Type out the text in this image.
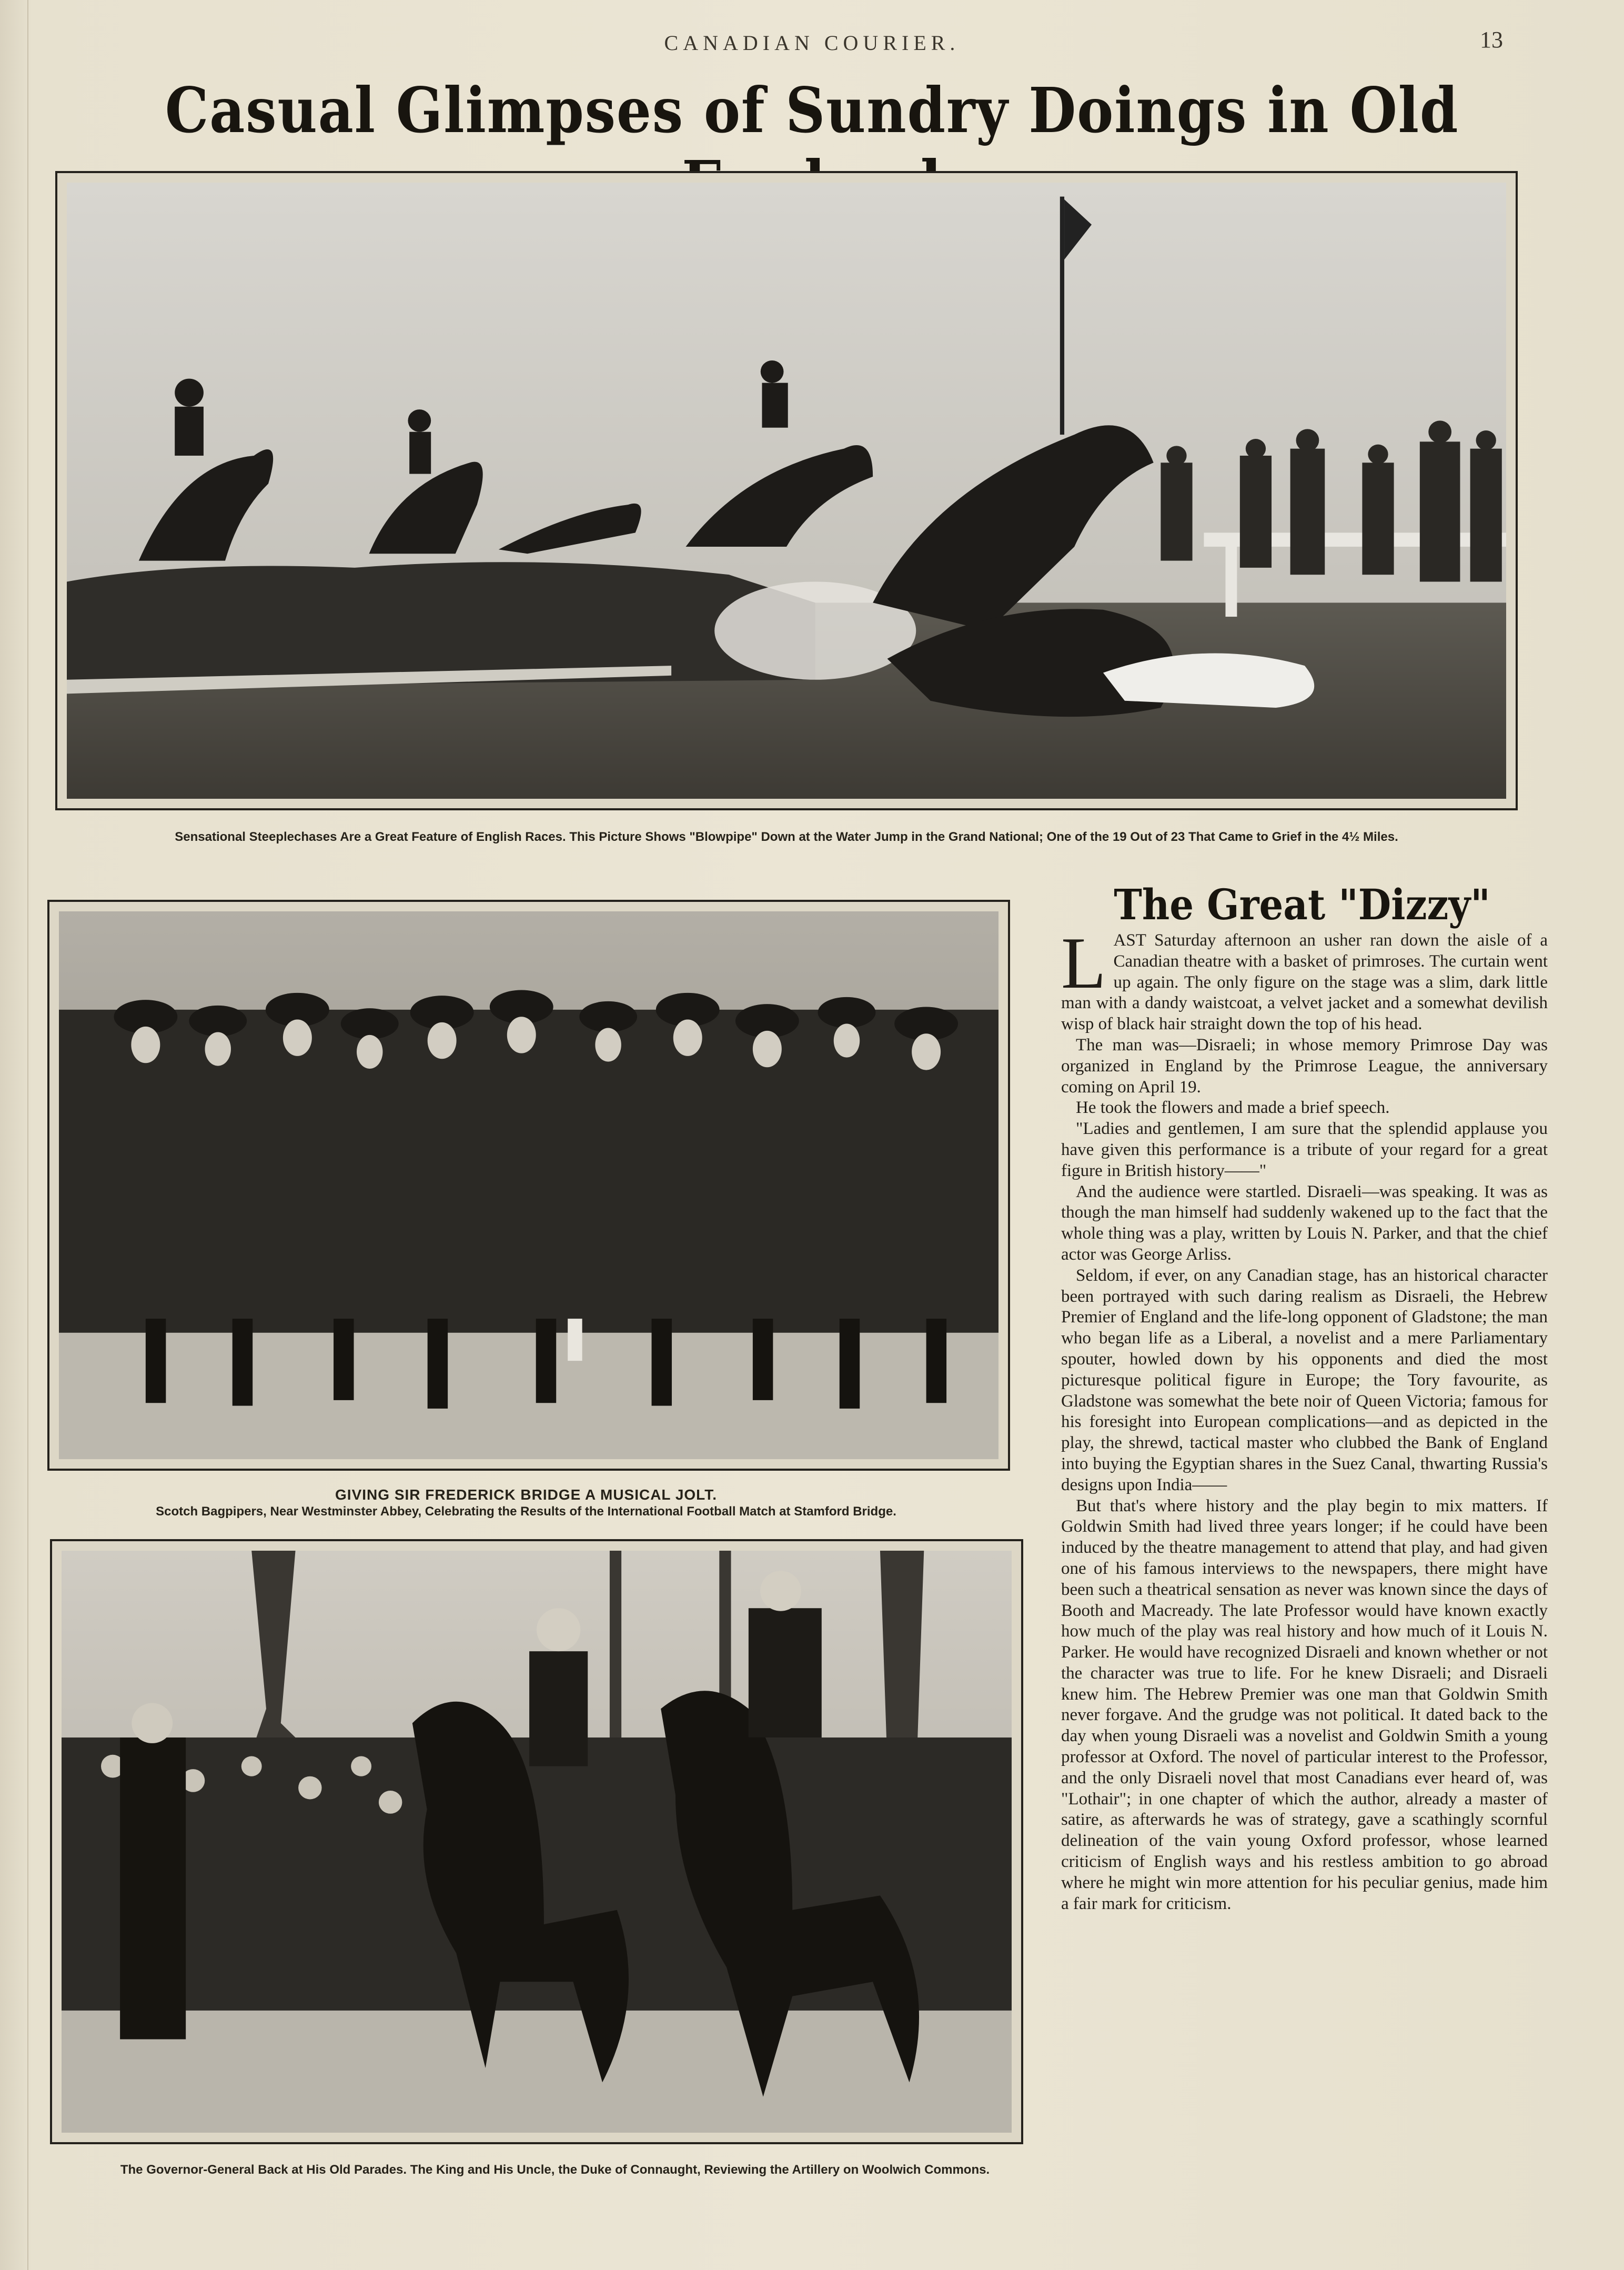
CANADIAN COURIER.	13
Casual Glimpses of Sundry Doings in Old
Sensational Steeplechases Are a Great Feature of English Races. This Picture Shows "Blowpipe" Down at the Water Jump in the Grand National; One of the 19 Out of 23 That Came to Grief in the 4½ Miles.
GIVING SIR FREDERICK BRIDGE A MUSICAL JOLT.
Scotch Bagpipers, Near Westminster Abbey, Celebrating the Results of the International Football Match at Stamford Bridge.
The Governor-General Back at His Old Parades. The King and His Uncle, the Duke of Connaught, Reviewing the Artillery on Woolwich Commons.
The Great "Dizzy"

LAST Saturday afternoon an usher ran down the aisle of a Canadian theatre with a basket of primroses. The curtain went up again. The only figure on the stage was a slim, dark little man with a dandy waistcoat, a velvet jacket and a somewhat devilish wisp of black hair straight down the top of his head.

The man was—Disraeli; in whose memory Primrose Day was organized in England by the Primrose League, the anniversary coming on April 19.

He took the flowers and made a brief speech.

"Ladies and gentlemen, I am sure that the splendid applause you have given this performance is a tribute of your regard for a great figure in British history——"

And the audience were startled. Disraeli—was speaking. It was as though the man himself had suddenly wakened up to the fact that the whole thing was a play, written by Louis N. Parker, and that the chief actor was George Arliss.

Seldom, if ever, on any Canadian stage, has an historical character been portrayed with such daring realism as Disraeli, the Hebrew Premier of England and the life-long opponent of Gladstone; the man who began life as a Liberal, a novelist and a mere Parliamentary spouter, howled down by his opponents and died the most picturesque political figure in Europe; the Tory favourite, as Gladstone was somewhat the bete noir of Queen Victoria; famous for his foresight into European complications—and as depicted in the play, the shrewd, tactical master who clubbed the Bank of England into buying the Egyptian shares in the Suez Canal, thwarting Russia's designs upon India——

But that's where history and the play begin to mix matters. If Goldwin Smith had lived three years longer; if he could have been induced by the theatre management to attend that play, and had given one of his famous interviews to the newspapers, there might have been such a theatrical sensation as never was known since the days of Booth and Macready. The late Professor would have known exactly how much of the play was real history and how much of it Louis N. Parker. He would have recognized Disraeli and known whether or not the character was true to life. For he knew Disraeli; and Disraeli knew him. The Hebrew Premier was one man that Goldwin Smith never forgave. And the grudge was not political. It dated back to the day when young Disraeli was a novelist and Goldwin Smith a young professor at Oxford. The novel of particular interest to the Professor, and the only Disraeli novel that most Canadians ever heard of, was "Lothair"; in one chapter of which the author, already a master of satire, as afterwards he was of strategy, gave a scathingly scornful delineation of the vain young Oxford professor, whose learned criticism of English ways and his restless ambition to go abroad where he might win more attention for his peculiar genius, made him a fair mark for criticism.
